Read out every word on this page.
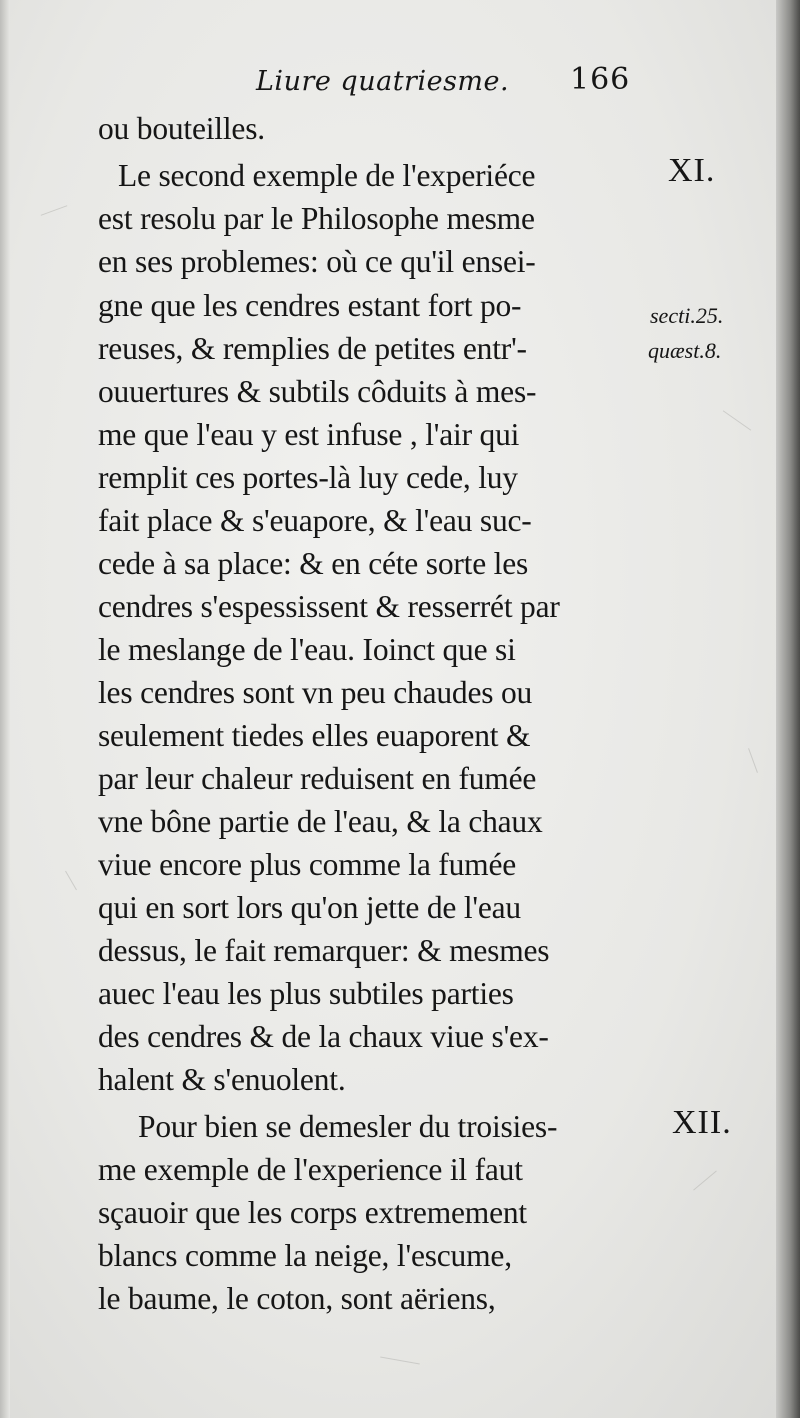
Liure quatriesme. 166
ou bouteilles.
Le second exemple de l'experiéce
est resolu par le Philosophe mesme
en ses problemes: où ce qu'il ensei-
gne que les cendres estant fort po-
reuses, & remplies de petites entr'-
ouuertures & subtils côduits à mes-
me que l'eau y est infuse , l'air qui
remplit ces portes-là luy cede, luy
fait place & s'euapore, & l'eau suc-
cede à sa place: & en céte sorte les
cendres s'espessissent & resserrét par
le meslange de l'eau. Ioinct que si
les cendres sont vn peu chaudes ou
seulement tiedes elles euaporent &
par leur chaleur reduisent en fumée
vne bône partie de l'eau, & la chaux
viue encore plus comme la fumée
qui en sort lors qu'on jette de l'eau
dessus, le fait remarquer: & mesmes
auec l'eau les plus subtiles parties
des cendres & de la chaux viue s'ex-
halent & s'enuolent.
Pour bien se demesler du troisies-
me exemple de l'experience il faut
sçauoir que les corps extremement
blancs comme la neige, l'escume,
le baume, le coton, sont aëriens,
XI.
secti.25.
quæst.8.
XII.
